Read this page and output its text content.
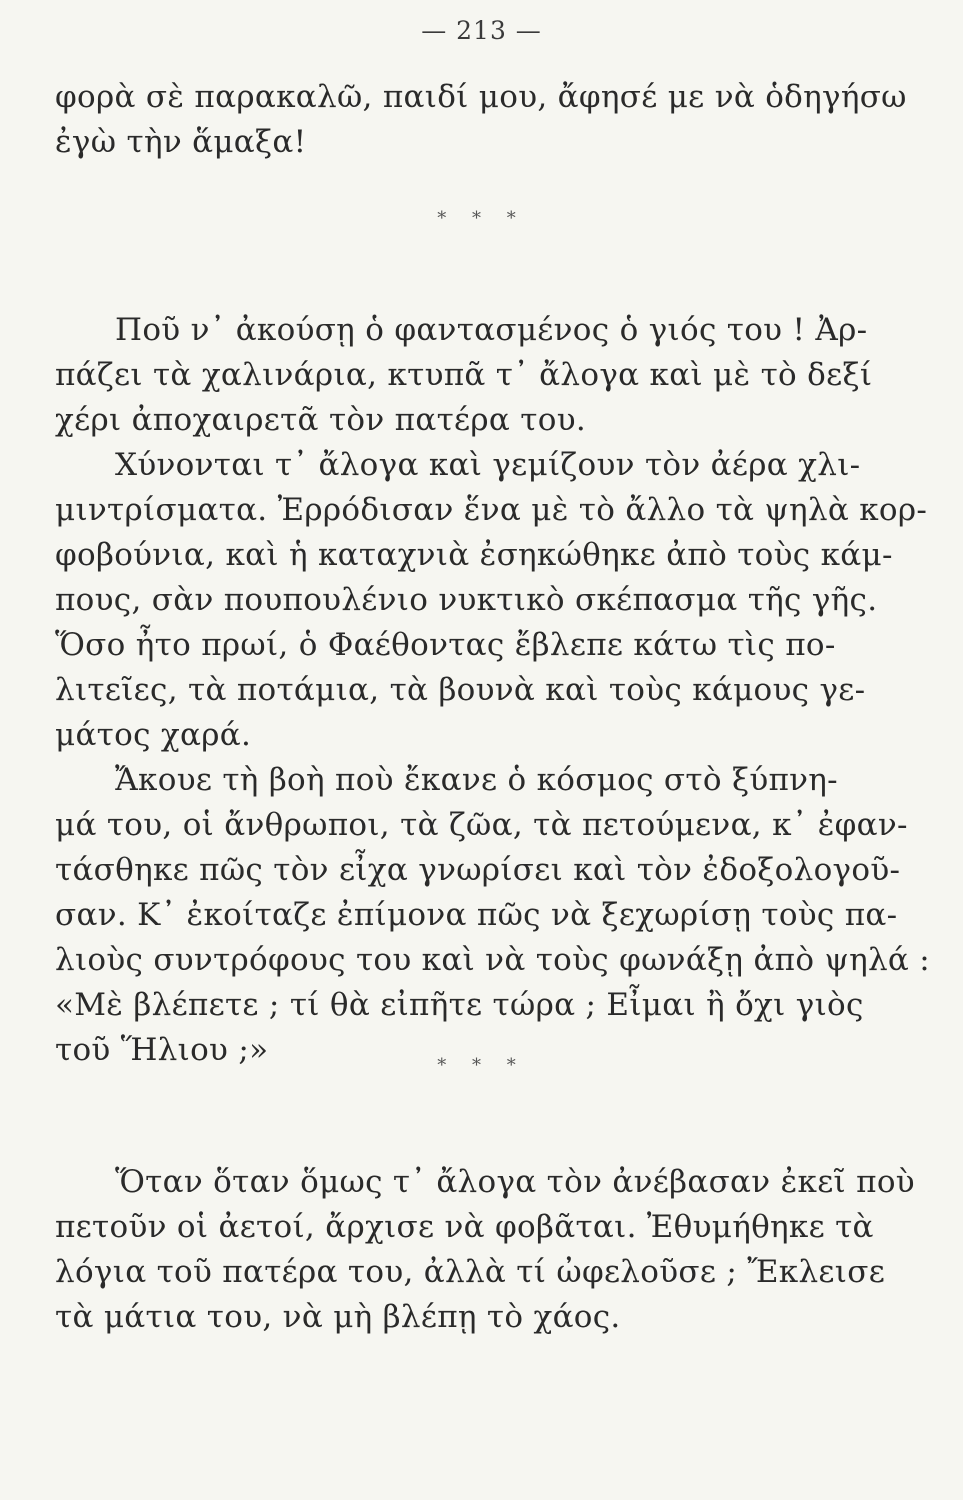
— 213 —
φορὰ σὲ παρακαλῶ, παιδί μου, ἄφησέ με νὰ ὁδηγήσω
ἐγὼ τὴν ἅμαξα!
* * *
Ποῦ ν᾽ ἀκούσῃ ὁ φαντασμένος ὁ γιός του ! Ἀρ-
πάζει τὰ χαλινάρια, κτυπᾶ τ᾽ ἄλογα καὶ μὲ τὸ δεξί
χέρι ἀποχαιρετᾶ τὸν πατέρα του.
Χύνονται τ᾽ ἄλογα καὶ γεμίζουν τὸν ἀέρα χλι-
μιντρίσματα. Ἐρρόδισαν ἕνα μὲ τὸ ἄλλο τὰ ψηλὰ κορ-
φοβούνια, καὶ ἡ καταχνιὰ ἐσηκώθηκε ἀπὸ τοὺς κάμ-
πους, σὰν πουπουλένιο νυκτικὸ σκέπασμα τῆς γῆς.
Ὅσο ἦτο πρωί, ὁ Φαέθοντας ἔβλεπε κάτω τὶς πο-
λιτεῖες, τὰ ποτάμια, τὰ βουνὰ καὶ τοὺς κάμους γε-
μάτος χαρά.
Ἄκουε τὴ βοὴ ποὺ ἔκανε ὁ κόσμος στὸ ξύπνη-
μά του, οἱ ἄνθρωποι, τὰ ζῶα, τὰ πετούμενα, κ᾽ ἐφαν-
τάσθηκε πῶς τὸν εἶχα γνωρίσει καὶ τὸν ἐδοξολογοῦ-
σαν. Κ᾽ ἐκοίταζε ἐπίμονα πῶς νὰ ξεχωρίσῃ τοὺς πα-
λιοὺς συντρόφους του καὶ νὰ τοὺς φωνάξῃ ἀπὸ ψηλά :
«Μὲ βλέπετε ; τί θὰ εἰπῆτε τώρα ; Εἶμαι ἢ ὄχι γιὸς
τοῦ Ἥλιου ;»	* * *
Ὅταν ὅταν ὅμως τ᾽ ἄλογα τὸν ἀνέβασαν ἐκεῖ ποὺ
πετοῦν οἱ ἀετοί, ἄρχισε νὰ φοβᾶται. Ἐθυμήθηκε τὰ
λόγια τοῦ πατέρα του, ἀλλὰ τί ὠφελοῦσε ; Ἔκλεισε
τὰ μάτια του, νὰ μὴ βλέπῃ τὸ χάος.
